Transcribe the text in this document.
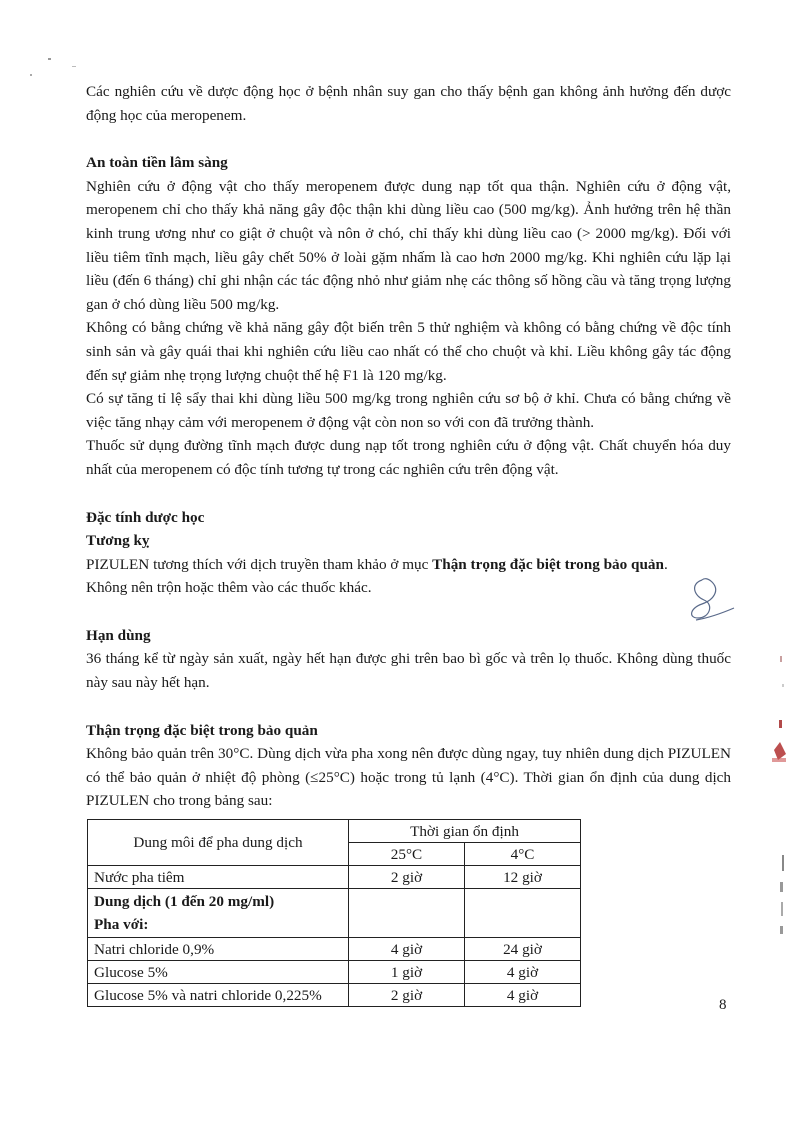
Các nghiên cứu về dược động học ở bệnh nhân suy gan cho thấy bệnh gan không ảnh hưởng đến dược động học của meropenem.

An toàn tiền lâm sàng

Nghiên cứu ở động vật cho thấy meropenem được dung nạp tốt qua thận. Nghiên cứu ở động vật, meropenem chỉ cho thấy khả năng gây độc thận khi dùng liều cao (500 mg/kg). Ảnh hưởng trên hệ thần kinh trung ương như co giật ở chuột và nôn ở chó, chỉ thấy khi dùng liều cao (> 2000 mg/kg). Đối với liều tiêm tĩnh mạch, liều gây chết 50% ở loài gặm nhấm là cao hơn 2000 mg/kg. Khi nghiên cứu lặp lại liều (đến 6 tháng) chỉ ghi nhận các tác động nhỏ như giảm nhẹ các thông số hồng cầu và tăng trọng lượng gan ở chó dùng liều 500 mg/kg.

Không có bằng chứng về khả năng gây đột biến trên 5 thử nghiệm và không có bằng chứng về độc tính sinh sản và gây quái thai khi nghiên cứu liều cao nhất có thể cho chuột và khỉ. Liều không gây tác động đến sự giảm nhẹ trọng lượng chuột thế hệ F1 là 120 mg/kg.

Có sự tăng tỉ lệ sẩy thai khi dùng liều 500 mg/kg trong nghiên cứu sơ bộ ở khỉ. Chưa có bằng chứng về việc tăng nhạy cảm với meropenem ở động vật còn non so với con đã trưởng thành.

Thuốc sử dụng đường tĩnh mạch được dung nạp tốt trong nghiên cứu ở động vật. Chất chuyển hóa duy nhất của meropenem có độc tính tương tự trong các nghiên cứu trên động vật.

Đặc tính dược học
Tương kỵ

PIZULEN tương thích với dịch truyền tham khảo ở mục Thận trọng đặc biệt trong bảo quản.

Không nên trộn hoặc thêm vào các thuốc khác.

Hạn dùng

36 tháng kể từ ngày sản xuất, ngày hết hạn được ghi trên bao bì gốc và trên lọ thuốc. Không dùng thuốc này sau này hết hạn.

Thận trọng đặc biệt trong bảo quản

Không bảo quản trên 30°C. Dùng dịch vừa pha xong nên được dùng ngay, tuy nhiên dung dịch PIZULEN có thể bảo quản ở nhiệt độ phòng (≤25°C) hoặc trong tủ lạnh (4°C). Thời gian ổn định của dung dịch PIZULEN cho trong bảng sau:

Dung môi để pha dung dịch	Thời gian ổn định	
	25°C	4°C
Nước pha tiêm	2 giờ	12 giờ
Dung dịch (1 đến 20 mg/ml)
Pha với:		
Natri chloride 0,9%	4 giờ	24 giờ
Glucose 5%	1 giờ	4 giờ
Glucose 5% và natri chloride 0,225%	2 giờ	4 giờ
8
